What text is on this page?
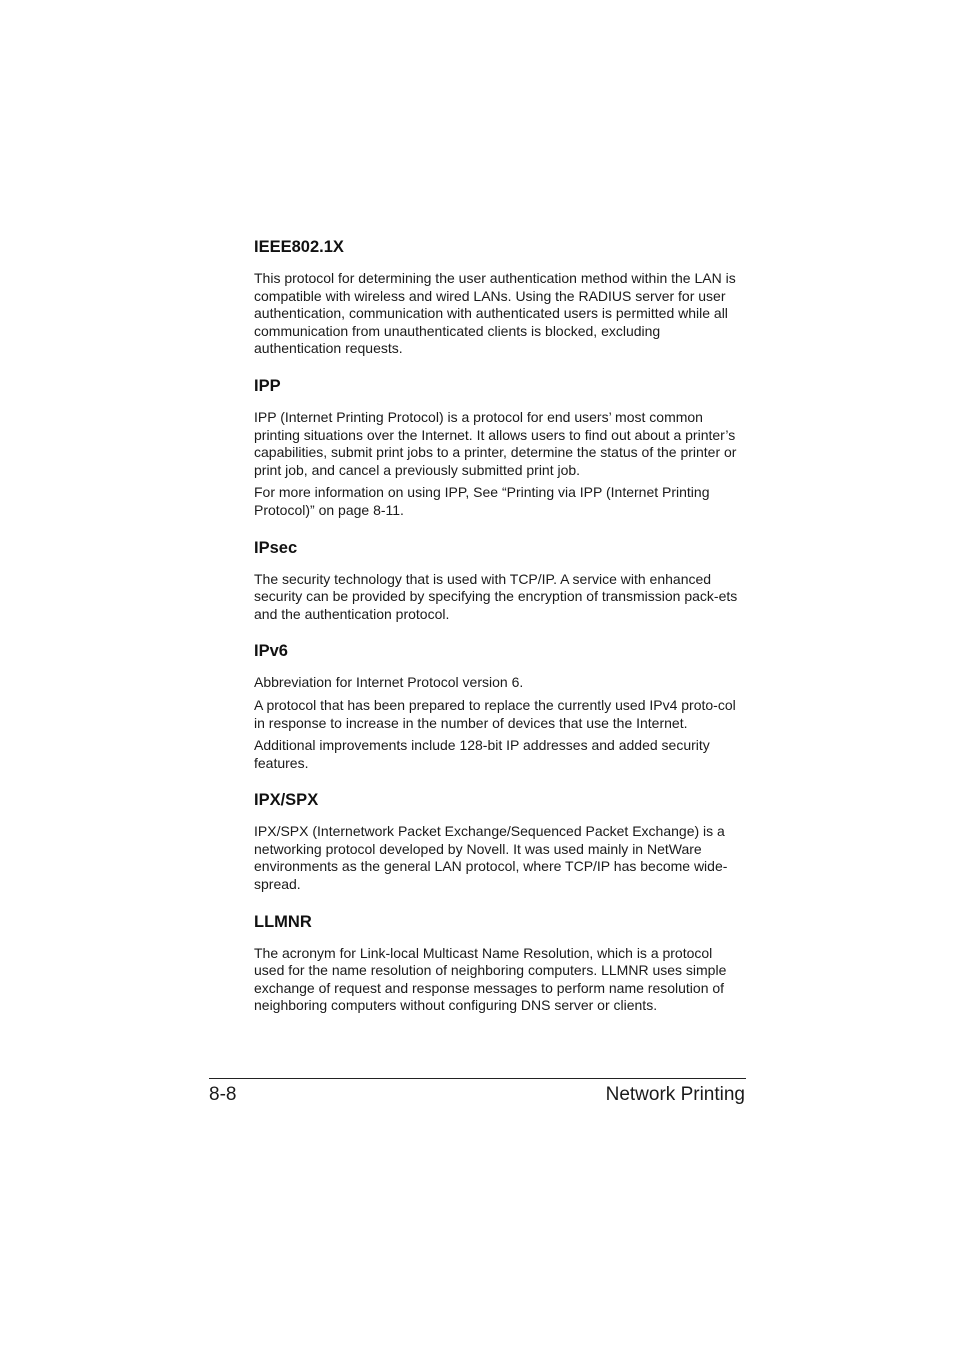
IEEE802.1X

This protocol for determining the user authentication method within the LAN is compatible with wireless and wired LANs. Using the RADIUS server for user authentication, communication with authenticated users is permitted while all communication from unauthenticated clients is blocked, excluding authentication requests.

IPP

IPP (Internet Printing Protocol) is a protocol for end users’ most common printing situations over the Internet. It allows users to find out about a printer’s capabilities, submit print jobs to a printer, determine the status of the printer or print job, and cancel a previously submitted print job.

For more information on using IPP, See “Printing via IPP (Internet Printing Protocol)” on page 8-11.

IPsec

The security technology that is used with TCP/IP. A service with enhanced security can be provided by specifying the encryption of transmission pack-ets and the authentication protocol.

IPv6

Abbreviation for Internet Protocol version 6.

A protocol that has been prepared to replace the currently used IPv4 proto-col in response to increase in the number of devices that use the Internet.

Additional improvements include 128-bit IP addresses and added security features.

IPX/SPX

IPX/SPX (Internetwork Packet Exchange/Sequenced Packet Exchange) is a networking protocol developed by Novell. It was used mainly in NetWare environments as the general LAN protocol, where TCP/IP has become wide-spread.

LLMNR

The acronym for Link-local Multicast Name Resolution, which is a protocol used for the name resolution of neighboring computers. LLMNR uses simple exchange of request and response messages to perform name resolution of neighboring computers without configuring DNS server or clients.

8-8	Network Printing
